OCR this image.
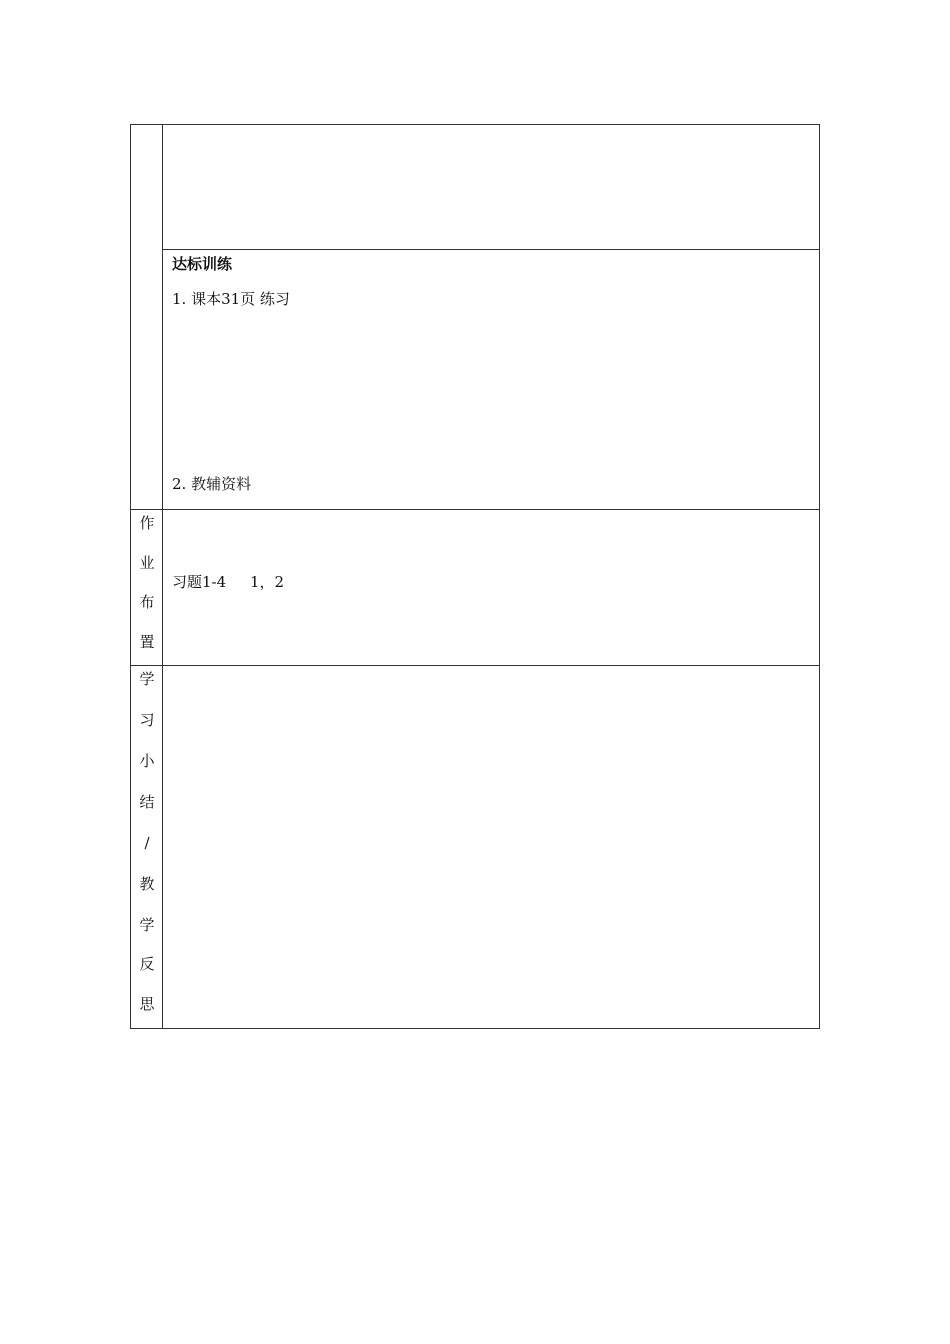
达标训练
1. 课本31页 练习
2. 教辅资料
作
业
布
置
习题1-4     1，2
学
习
小
结
/
教
学
反
思
